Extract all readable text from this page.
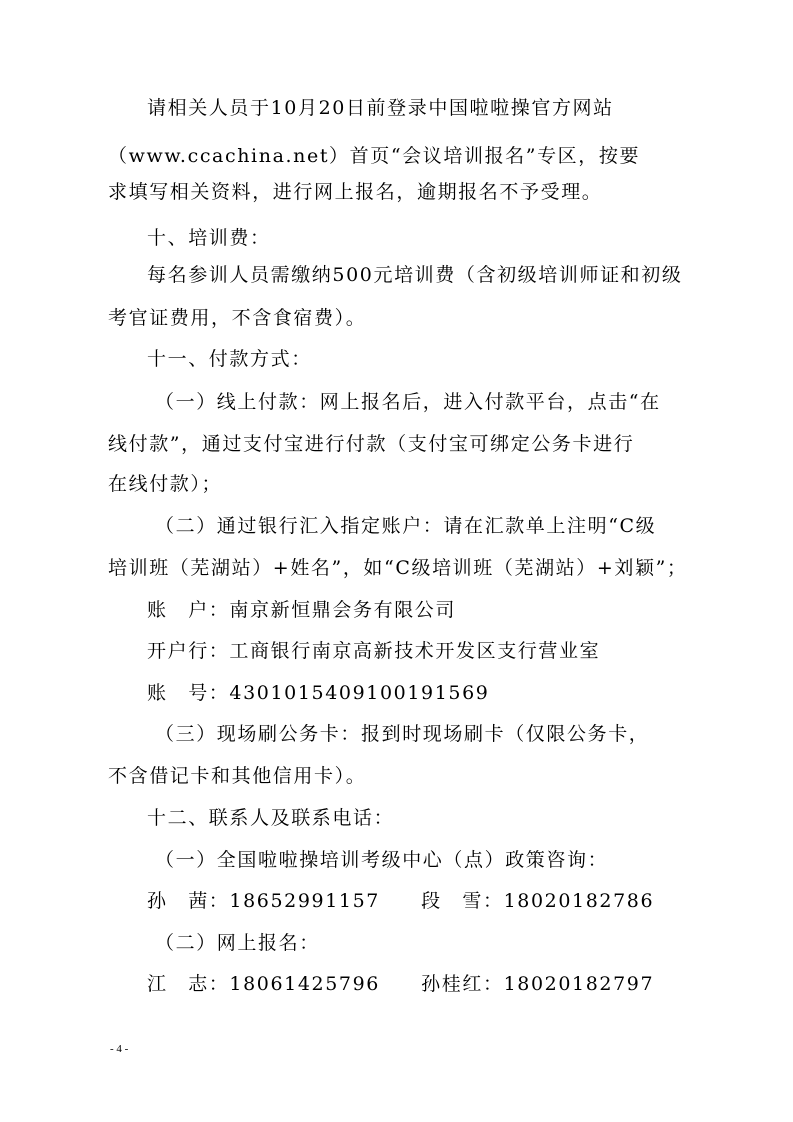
请相关人员于10月20日前登录中国啦啦操官方网站
（www.ccachina.net）首页“会议培训报名”专区，按要
求填写相关资料，进行网上报名，逾期报名不予受理。
十、培训费：
每名参训人员需缴纳500元培训费（含初级培训师证和初级
考官证费用，不含食宿费）。
十一、付款方式：
（一）线上付款：网上报名后，进入付款平台，点击“在
线付款”，通过支付宝进行付款（支付宝可绑定公务卡进行
在线付款）；
（二）通过银行汇入指定账户：请在汇款单上注明“C级
培训班（芜湖站）+姓名”，如“C级培训班（芜湖站）+刘颖”；
账　户：南京新恒鼎会务有限公司
开户行：工商银行南京高新技术开发区支行营业室
账　号：4301015409100191569
（三）现场刷公务卡：报到时现场刷卡（仅限公务卡，
不含借记卡和其他信用卡）。
十二、联系人及联系电话：
（一）全国啦啦操培训考级中心（点）政策咨询：
孙　茜：18652991157　　段　雪：18020182786
（二）网上报名：
江　志：18061425796　　孙桂红：18020182797
- 4 -
